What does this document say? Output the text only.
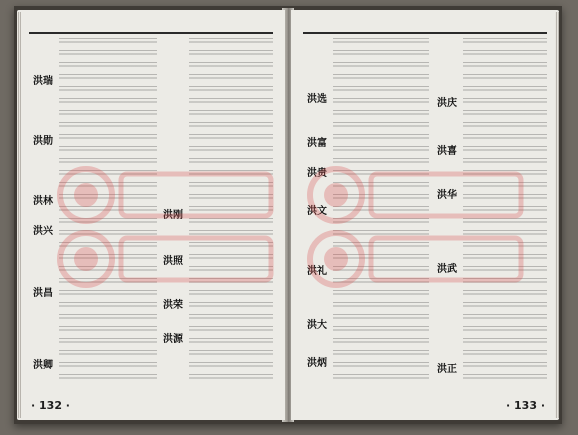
洪瑞
洪勋
洪林
洪兴
洪昌
洪卿
洪刚
洪照
洪荣
洪源
· 132 ·
洪选
洪富
洪贵
洪文
洪礼
洪大
洪炳
洪庆
洪喜
洪华
洪武
洪正
· 133 ·
